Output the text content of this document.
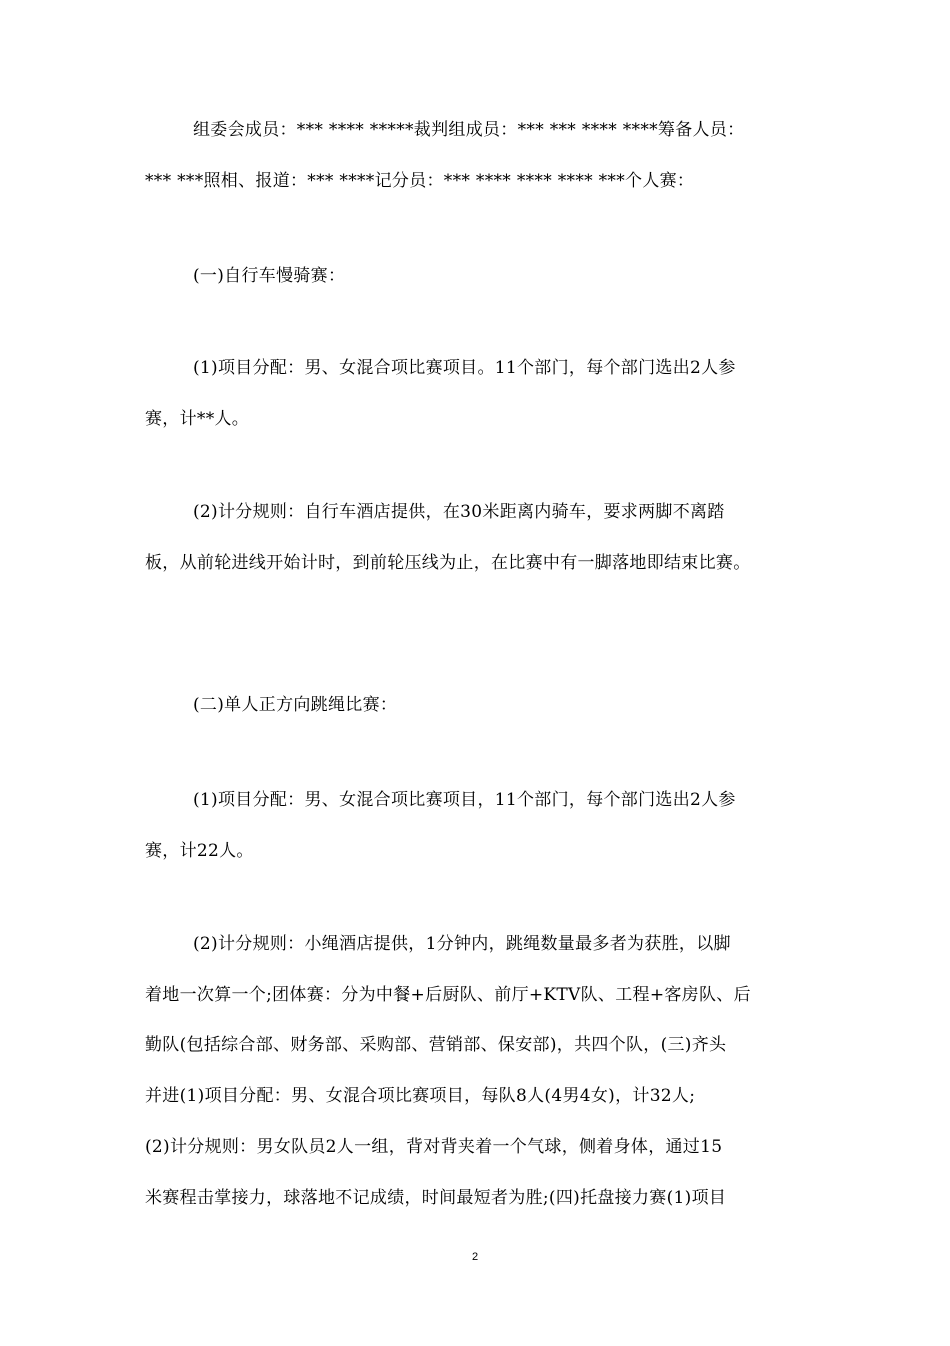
组委会成员：*** **** *****裁判组成员：*** *** **** ****筹备人员：
*** ***照相、报道：*** ****记分员：*** **** **** **** ***个人赛：
(一)自行车慢骑赛：
(1)项目分配：男、女混合项比赛项目。11个部门，每个部门选出2人参
赛，计**人。
(2)计分规则：自行车酒店提供，在30米距离内骑车，要求两脚不离踏
板，从前轮进线开始计时，到前轮压线为止，在比赛中有一脚落地即结束比赛。
(二)单人正方向跳绳比赛：
(1)项目分配：男、女混合项比赛项目，11个部门，每个部门选出2人参
赛，计22人。
(2)计分规则：小绳酒店提供，1分钟内，跳绳数量最多者为获胜，以脚
着地一次算一个;团体赛：分为中餐+后厨队、前厅+KTV队、工程+客房队、后
勤队(包括综合部、财务部、采购部、营销部、保安部)，共四个队，(三)齐头
并进(1)项目分配：男、女混合项比赛项目，每队8人(4男4女)，计32人;
(2)计分规则：男女队员2人一组，背对背夹着一个气球，侧着身体，通过15
米赛程击掌接力，球落地不记成绩，时间最短者为胜;(四)托盘接力赛(1)项目
2
